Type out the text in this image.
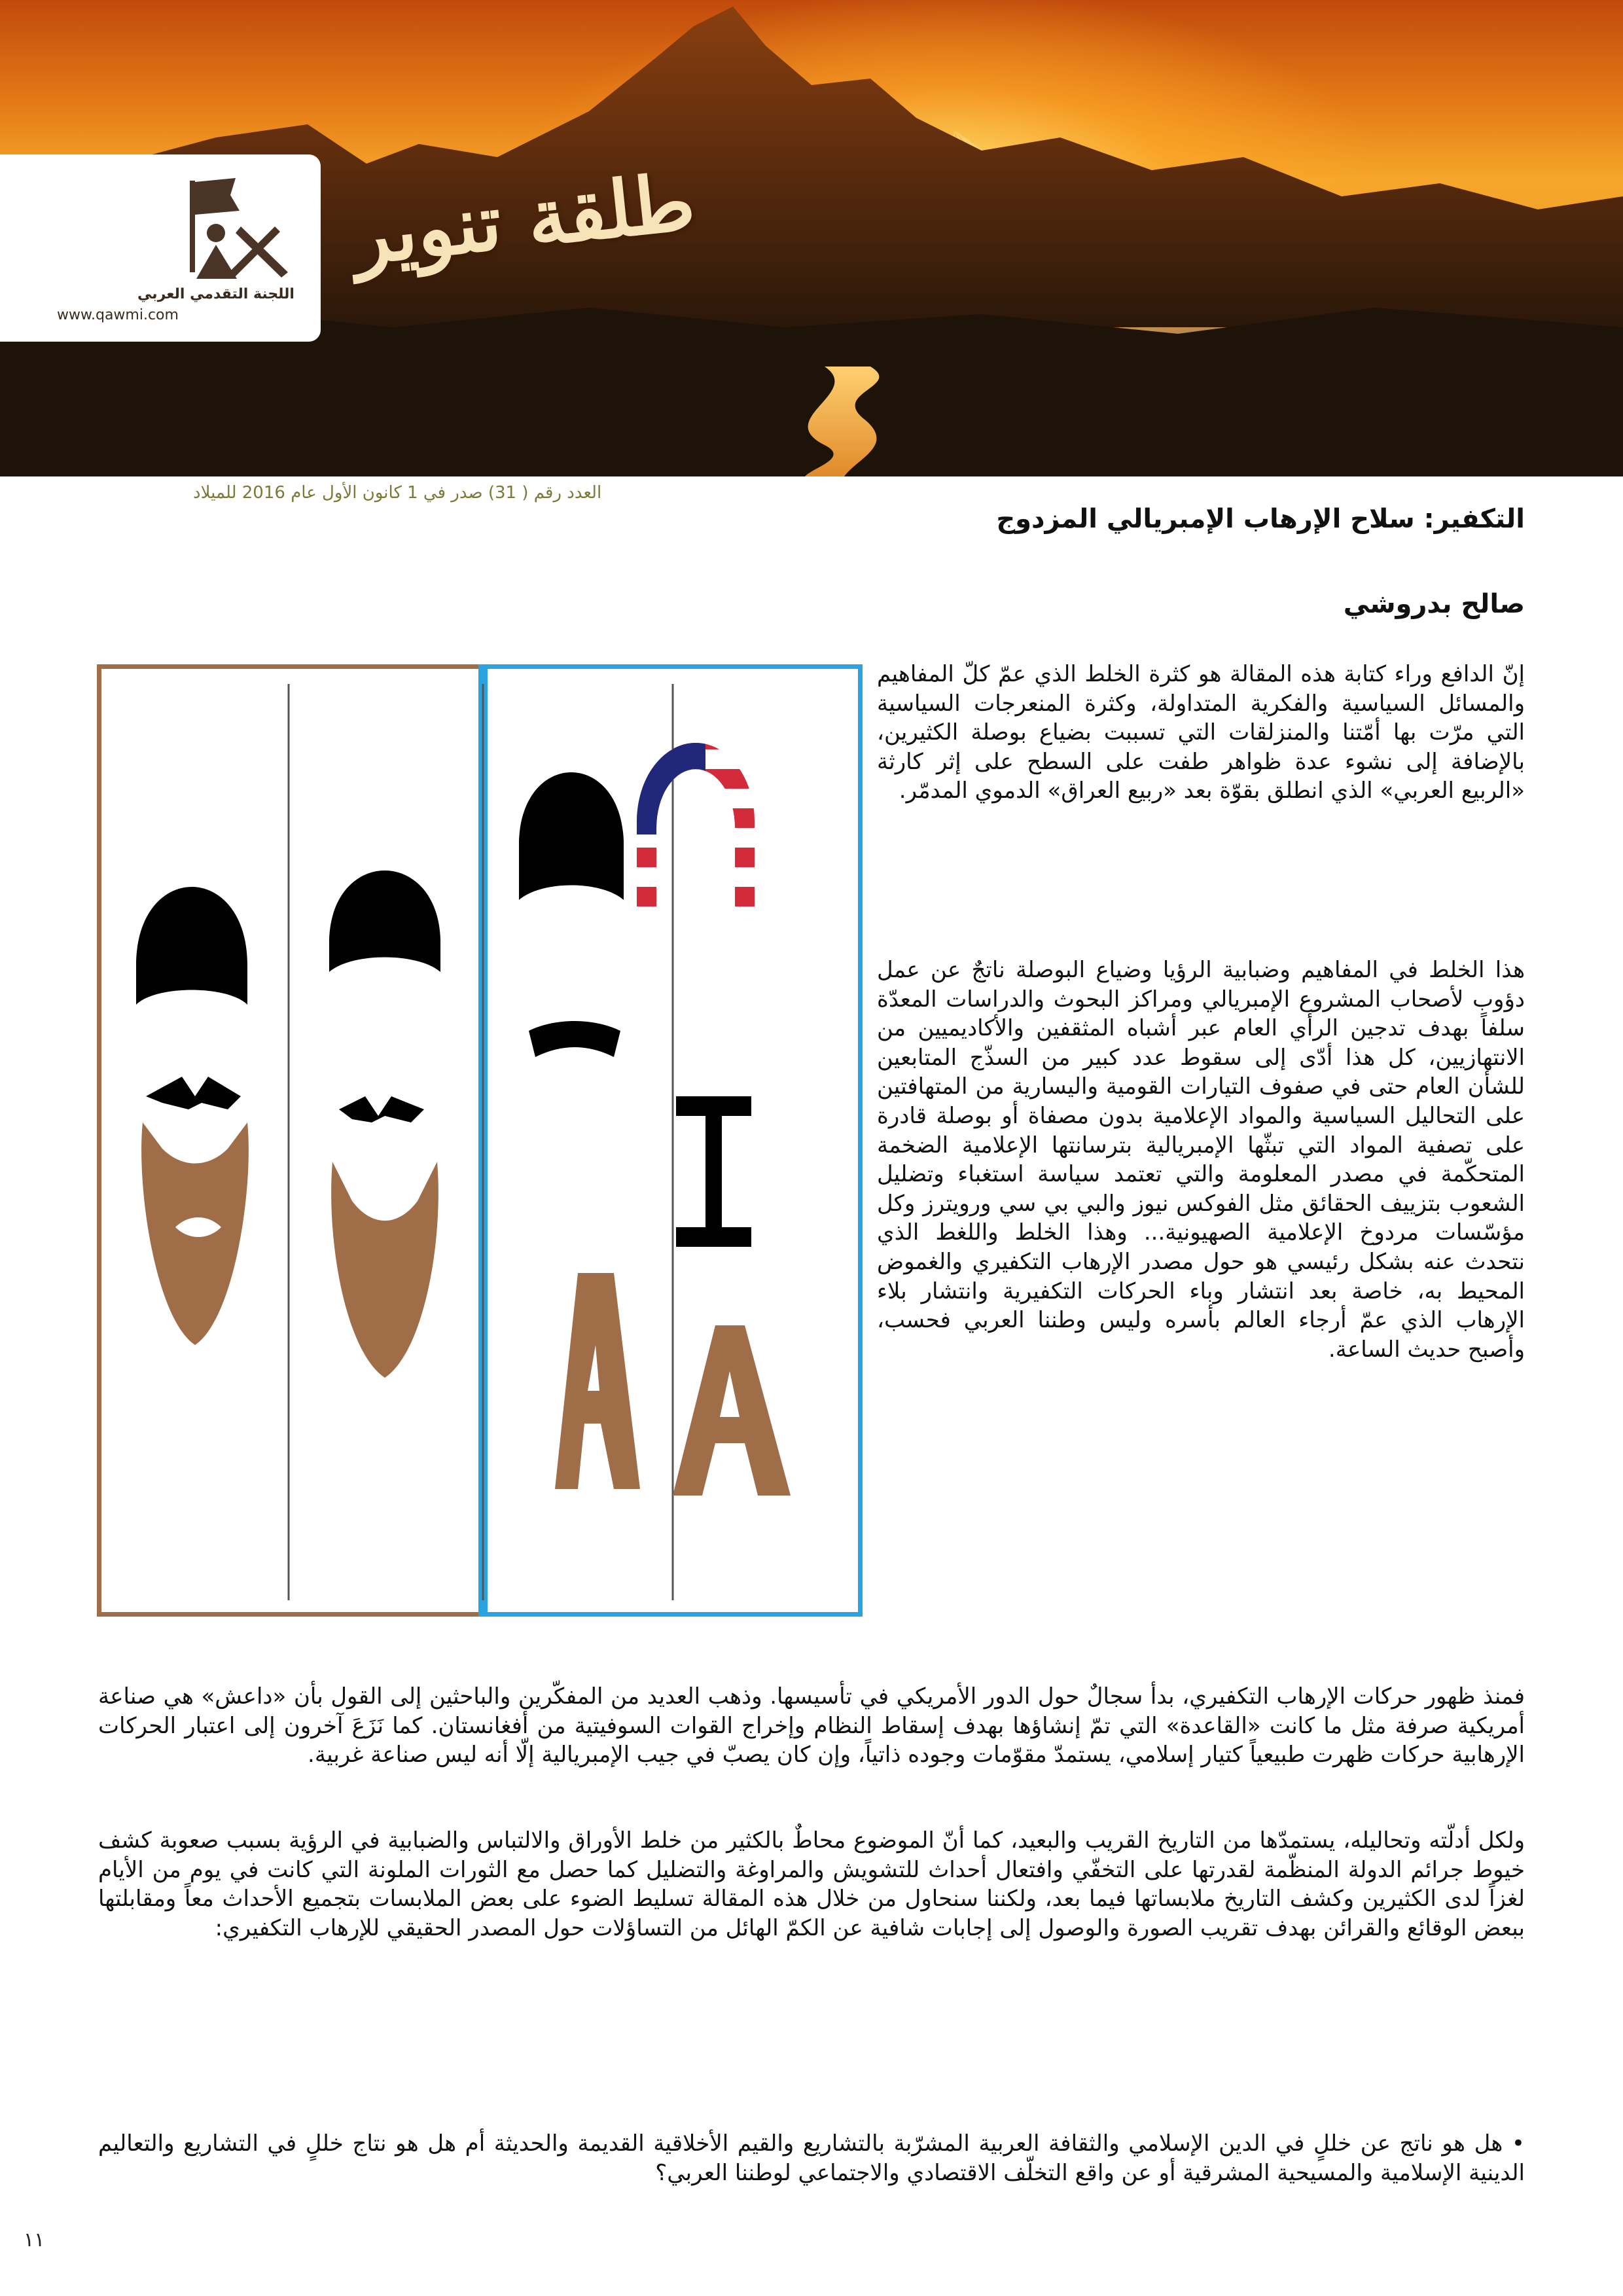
اللجنة التقدمي العربي
www.qawmi.com
طلقة تنوير
العدد رقم ( 31) صدر في 1 كانون الأول عام 2016 للميلاد
التكفير: سلاح الإرهاب الإمبريالي المزدوج
صالح بدروشي

إنّ الدافع وراء كتابة هذه المقالة هو كثرة الخلط الذي عمّ كلّ المفاهيم والمسائل السياسية والفكرية المتداولة، وكثرة المنعرجات السياسية التي مرّت بها أمّتنا والمنزلقات التي تسببت بضياع بوصلة الكثيرين، بالإضافة إلى نشوء عدة ظواهر طفت على السطح على إثر كارثة «الربيع العربي» الذي انطلق بقوّة بعد «ربيع العراق» الدموي المدمّر.

هذا الخلط في المفاهيم وضبابية الرؤيا وضياع البوصلة ناتجٌ عن عمل دؤوب لأصحاب المشروع الإمبريالي ومراكز البحوث والدراسات المعدّة سلفاً بهدف تدجين الرأي العام عبر أشباه المثقفين والأكاديميين من الانتهازيين، كل هذا أدّى إلى سقوط عدد كبير من السذّج المتابعين للشأن العام حتى في صفوف التيارات القومية واليسارية من المتهافتين على التحاليل السياسية والمواد الإعلامية بدون مصفاة أو بوصلة قادرة على تصفية المواد التي تبثّها الإمبريالية بترسانتها الإعلامية الضخمة المتحكّمة في مصدر المعلومة والتي تعتمد سياسة استغباء وتضليل الشعوب بتزييف الحقائق مثل الفوكس نيوز والبي بي سي ورويترز وكل مؤسّسات مردوخ الإعلامية الصهيونية... وهذا الخلط واللغط الذي نتحدث عنه بشكل رئيسي هو حول مصدر الإرهاب التكفيري والغموض المحيط به، خاصة بعد انتشار وباء الحركات التكفيرية وانتشار بلاء الإرهاب الذي عمّ أرجاء العالم بأسره وليس وطننا العربي فحسب، وأصبح حديث الساعة.

فمنذ ظهور حركات الإرهاب التكفيري، بدأ سجالٌ حول الدور الأمريكي في تأسيسها. وذهب العديد من المفكّرين والباحثين إلى القول بأن «داعش» هي صناعة أمريكية صرفة مثل ما كانت «القاعدة» التي تمّ إنشاؤها بهدف إسقاط النظام وإخراج القوات السوفيتية من أفغانستان. كما نَزَعَ آخرون إلى اعتبار الحركات الإرهابية حركات ظهرت طبيعياً كتيار إسلامي، يستمدّ مقوّمات وجوده ذاتياً، وإن كان يصبّ في جيب الإمبريالية إلّا أنه ليس صناعة غربية.

ولكل أدلّته وتحاليله، يستمدّها من التاريخ القريب والبعيد، كما أنّ الموضوع محاطٌ بالكثير من خلط الأوراق والالتباس والضبابية في الرؤية بسبب صعوبة كشف خيوط جرائم الدولة المنظّمة لقدرتها على التخفّي وافتعال أحداث للتشويش والمراوغة والتضليل كما حصل مع الثورات الملونة التي كانت في يوم من الأيام لغزاً لدى الكثيرين وكشف التاريخ ملابساتها فيما بعد، ولكننا سنحاول من خلال هذه المقالة تسليط الضوء على بعض الملابسات بتجميع الأحداث معاً ومقابلتها ببعض الوقائع والقرائن بهدف تقريب الصورة والوصول إلى إجابات شافية عن الكمّ الهائل من التساؤلات حول المصدر الحقيقي للإرهاب التكفيري:

• هل هو ناتج عن خللٍ في الدين الإسلامي والثقافة العربية المشرّبة بالتشاريع والقيم الأخلاقية القديمة والحديثة أم هل هو نتاج خللٍ في التشاريع والتعاليم الدينية الإسلامية والمسيحية المشرقية أو عن واقع التخلّف الاقتصادي والاجتماعي لوطننا العربي؟

١١
